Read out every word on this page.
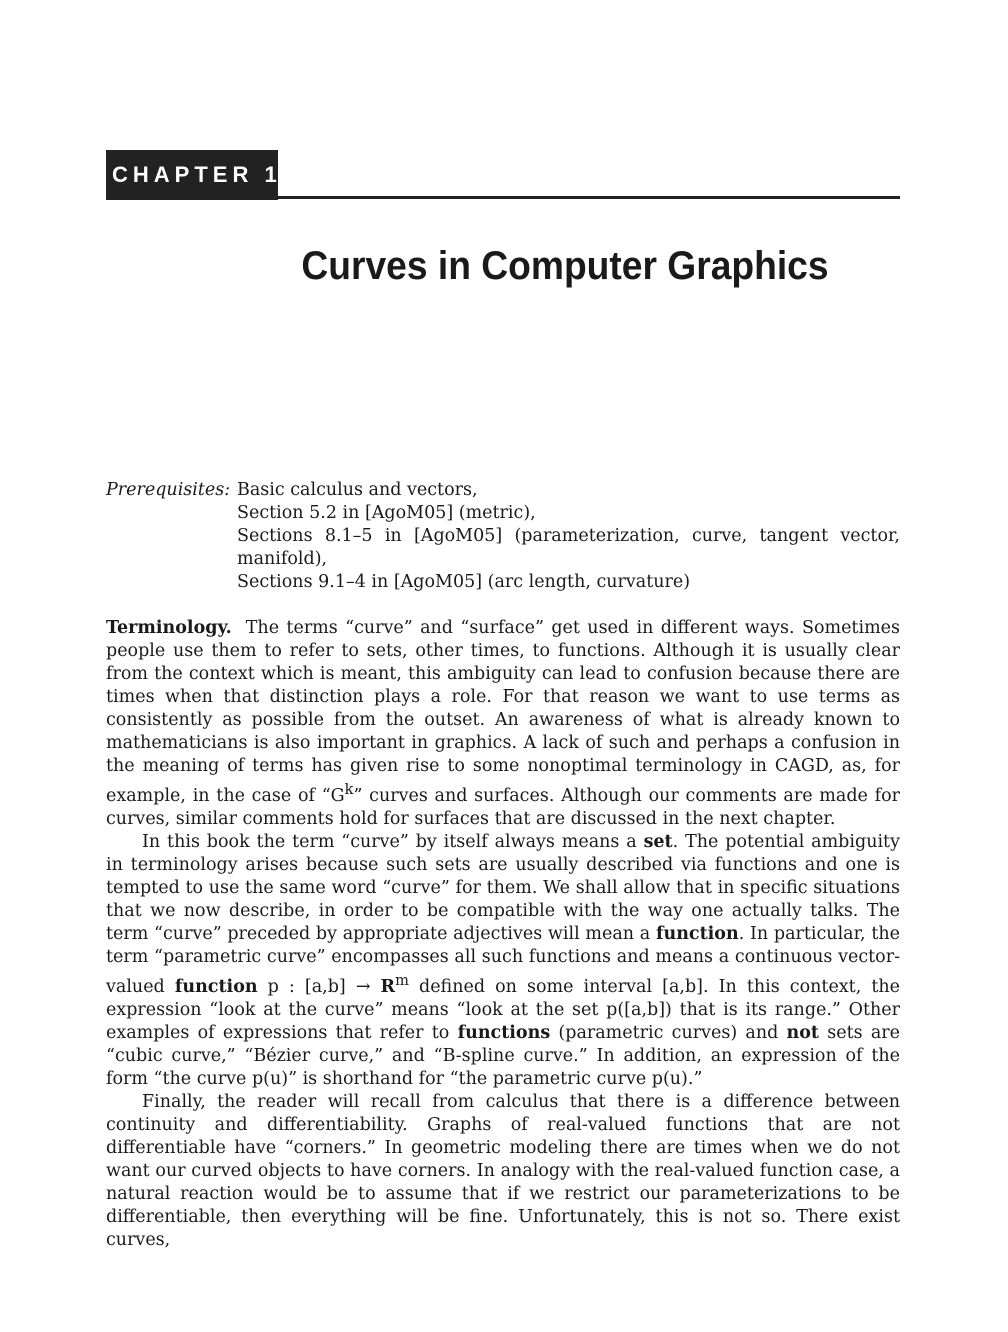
CHAPTER 11
Curves in Computer Graphics
Prerequisites: Basic calculus and vectors,
Section 5.2 in [AgoM05] (metric),
Sections 8.1–5 in [AgoM05] (parameterization, curve, tangent vector, manifold),
Sections 9.1–4 in [AgoM05] (arc length, curvature)

Terminology. The terms “curve” and “surface” get used in different ways. Sometimes people use them to refer to sets, other times, to functions. Although it is usually clear from the context which is meant, this ambiguity can lead to confusion because there are times when that distinction plays a role. For that reason we want to use terms as consistently as possible from the outset. An awareness of what is already known to mathematicians is also important in graphics. A lack of such and perhaps a confusion in the meaning of terms has given rise to some nonoptimal terminology in CAGD, as, for example, in the case of “$G^k$” curves and surfaces. Although our comments are made for curves, similar comments hold for surfaces that are discussed in the next chapter.

In this book the term “curve” by itself always means a set. The potential ambiguity in terminology arises because such sets are usually described via functions and one is tempted to use the same word “curve” for them. We shall allow that in specific situations that we now describe, in order to be compatible with the way one actually talks. The term “curve” preceded by appropriate adjectives will mean a function. In particular, the term “parametric curve” encompasses all such functions and means a continuous vector-valued function p : $[a,b] \to R^m$ defined on some interval [a,b]. In this context, the expression “look at the curve” means “look at the set p([a,b]) that is its range.” Other examples of expressions that refer to functions (parametric curves) and not sets are “cubic curve,” “Bézier curve,” and “B-spline curve.” In addition, an expression of the form “the curve p(u)” is shorthand for “the parametric curve p(u).”

Finally, the reader will recall from calculus that there is a difference between continuity and differentiability. Graphs of real-valued functions that are not differentiable have “corners.” In geometric modeling there are times when we do not want our curved objects to have corners. In analogy with the real-valued function case, a natural reaction would be to assume that if we restrict our parameterizations to be differentiable, then everything will be fine. Unfortunately, this is not so. There exist curves,
